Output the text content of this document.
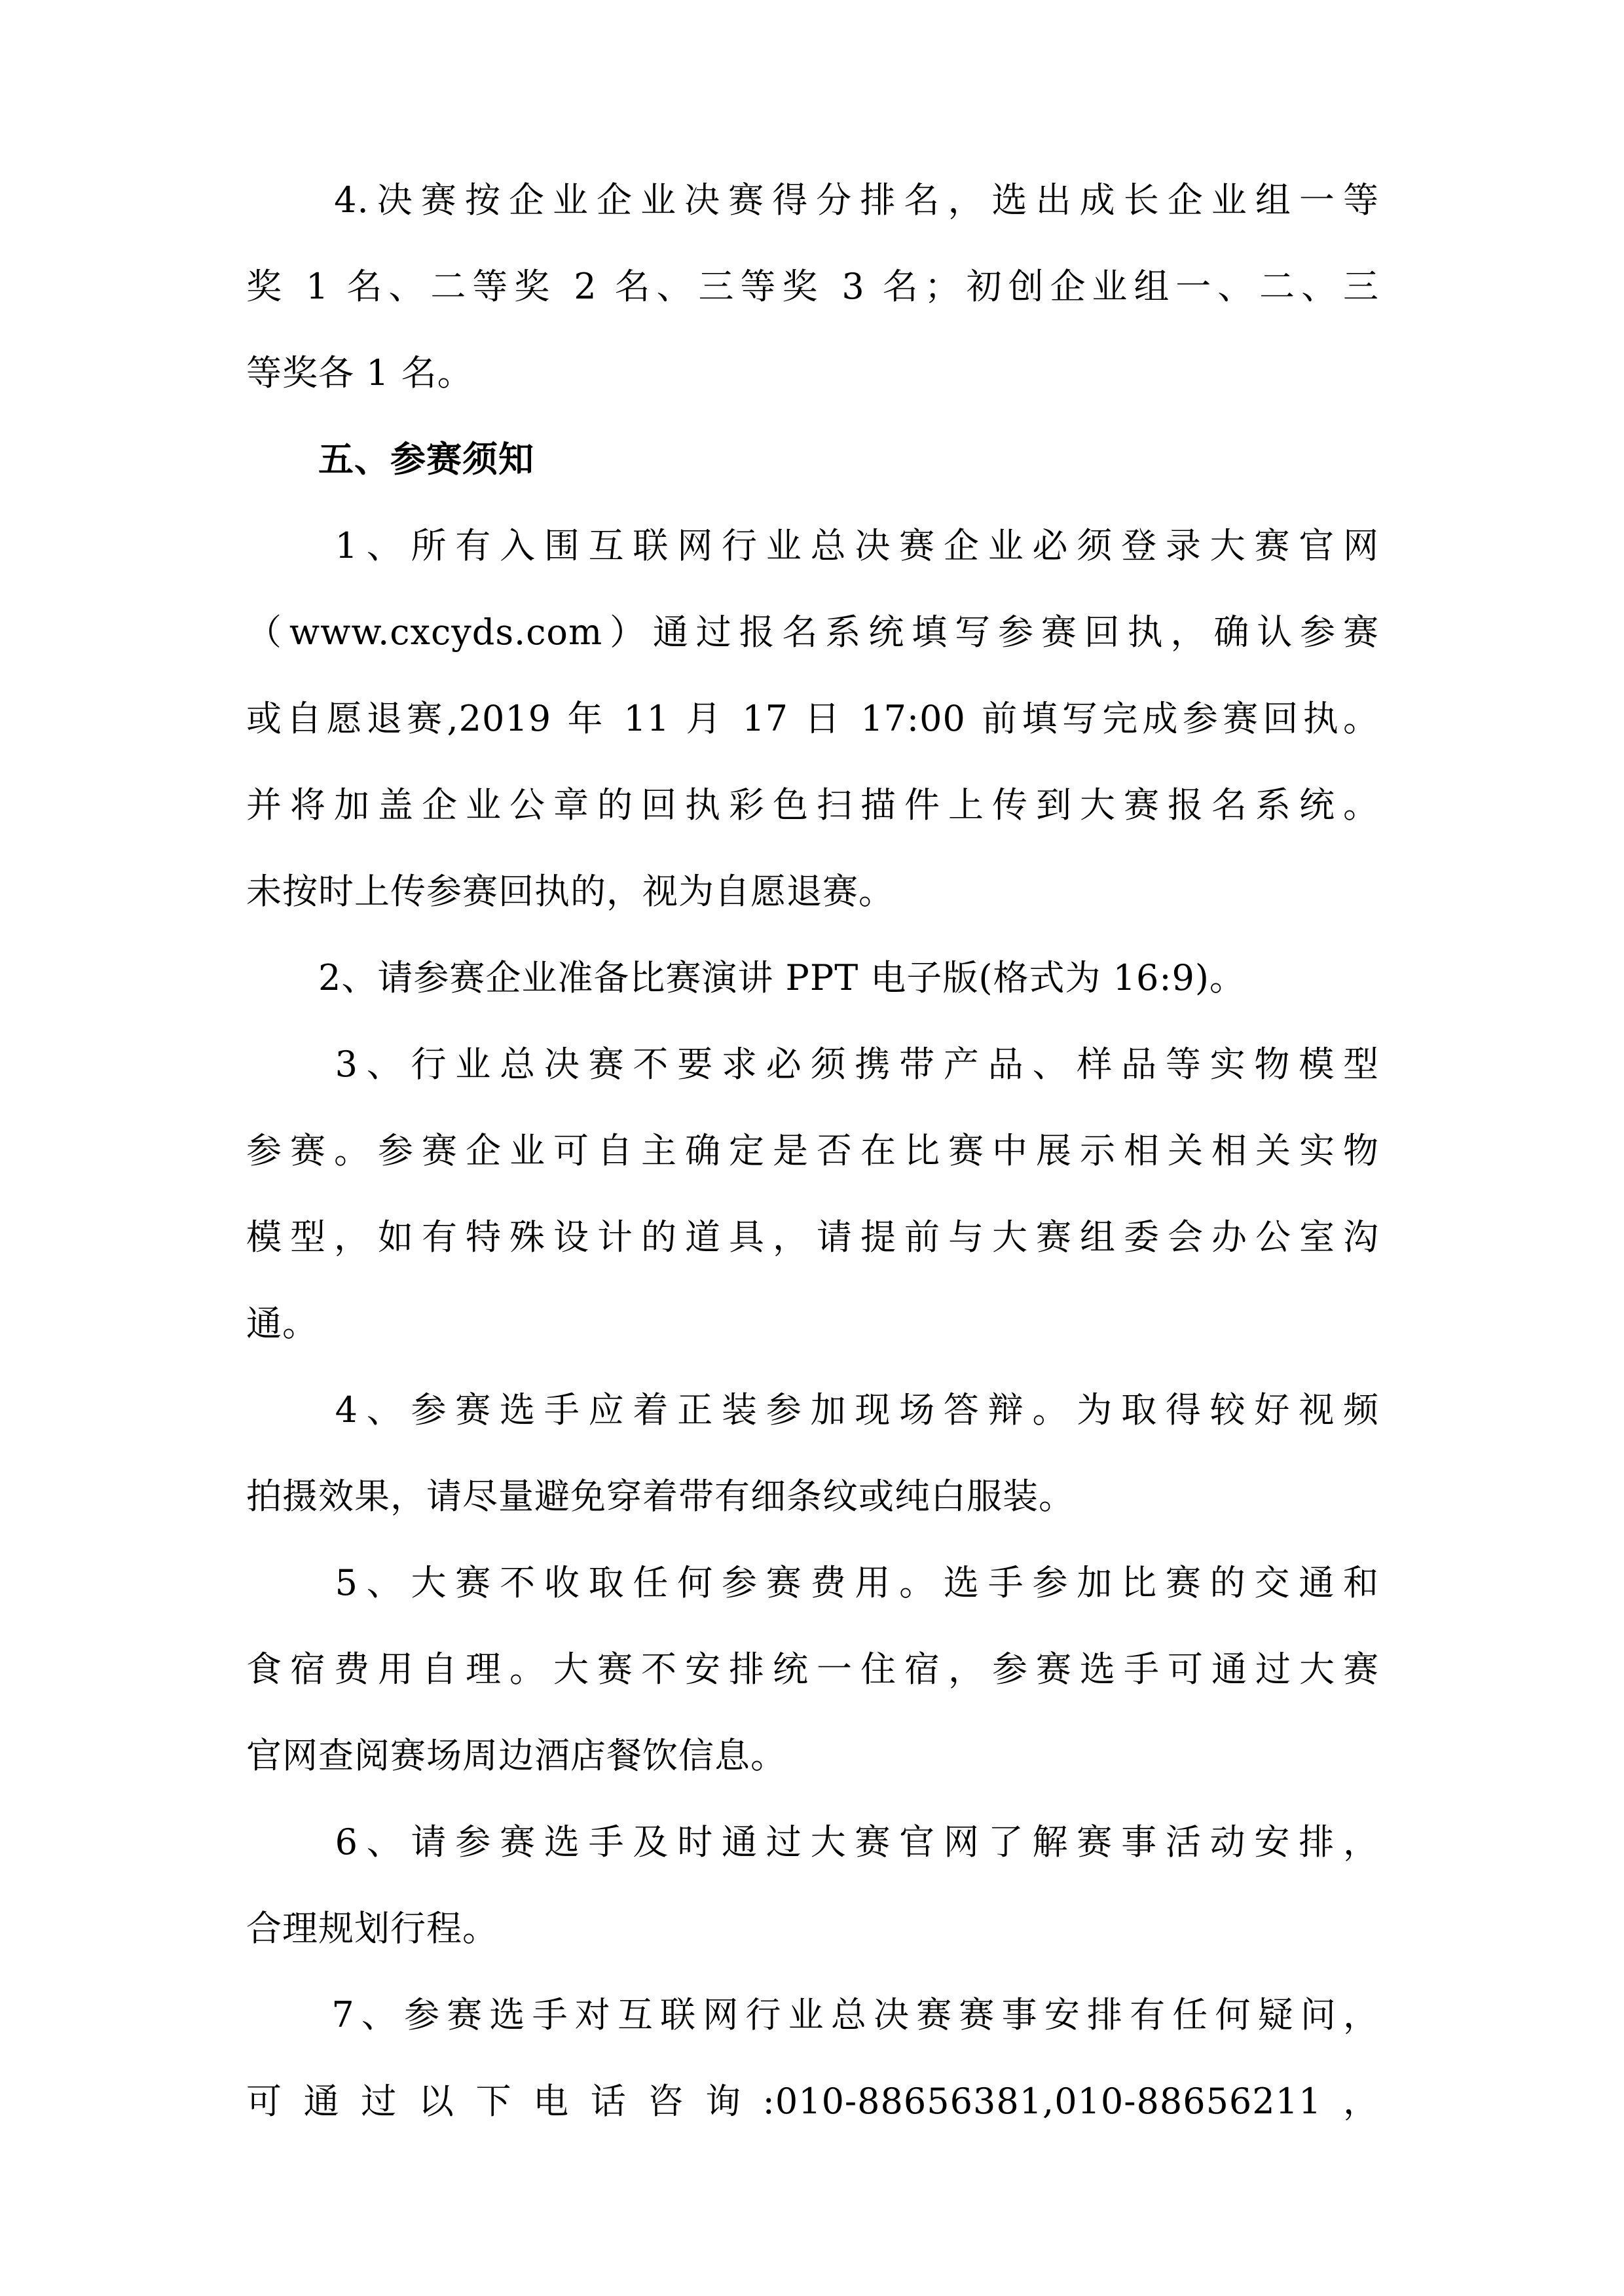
　　4.决赛按企业企业决赛得分排名，选出成长企业组一等
奖 1 名、二等奖 2 名、三等奖 3 名；初创企业组一、二、三
等奖各 1 名。
　　五、参赛须知
　　1、所有入围互联网行业总决赛企业必须登录大赛官网
（www.cxcyds.com）通过报名系统填写参赛回执，确认参赛
或自愿退赛,2019 年 11 月 17 日 17:00 前填写完成参赛回执。
并将加盖企业公章的回执彩色扫描件上传到大赛报名系统。
未按时上传参赛回执的，视为自愿退赛。
　　2、请参赛企业准备比赛演讲 PPT 电子版(格式为 16:9)。
　　3、行业总决赛不要求必须携带产品、样品等实物模型
参赛。参赛企业可自主确定是否在比赛中展示相关相关实物
模型，如有特殊设计的道具，请提前与大赛组委会办公室沟
通。
　　4、参赛选手应着正装参加现场答辩。为取得较好视频
拍摄效果，请尽量避免穿着带有细条纹或纯白服装。
　　5、大赛不收取任何参赛费用。选手参加比赛的交通和
食宿费用自理。大赛不安排统一住宿，参赛选手可通过大赛
官网查阅赛场周边酒店餐饮信息。
　　6、请参赛选手及时通过大赛官网了解赛事活动安排，
合理规划行程。
　　7、参赛选手对互联网行业总决赛赛事安排有任何疑问，
可通过以下电话咨询:010-88656381,010-88656211，
